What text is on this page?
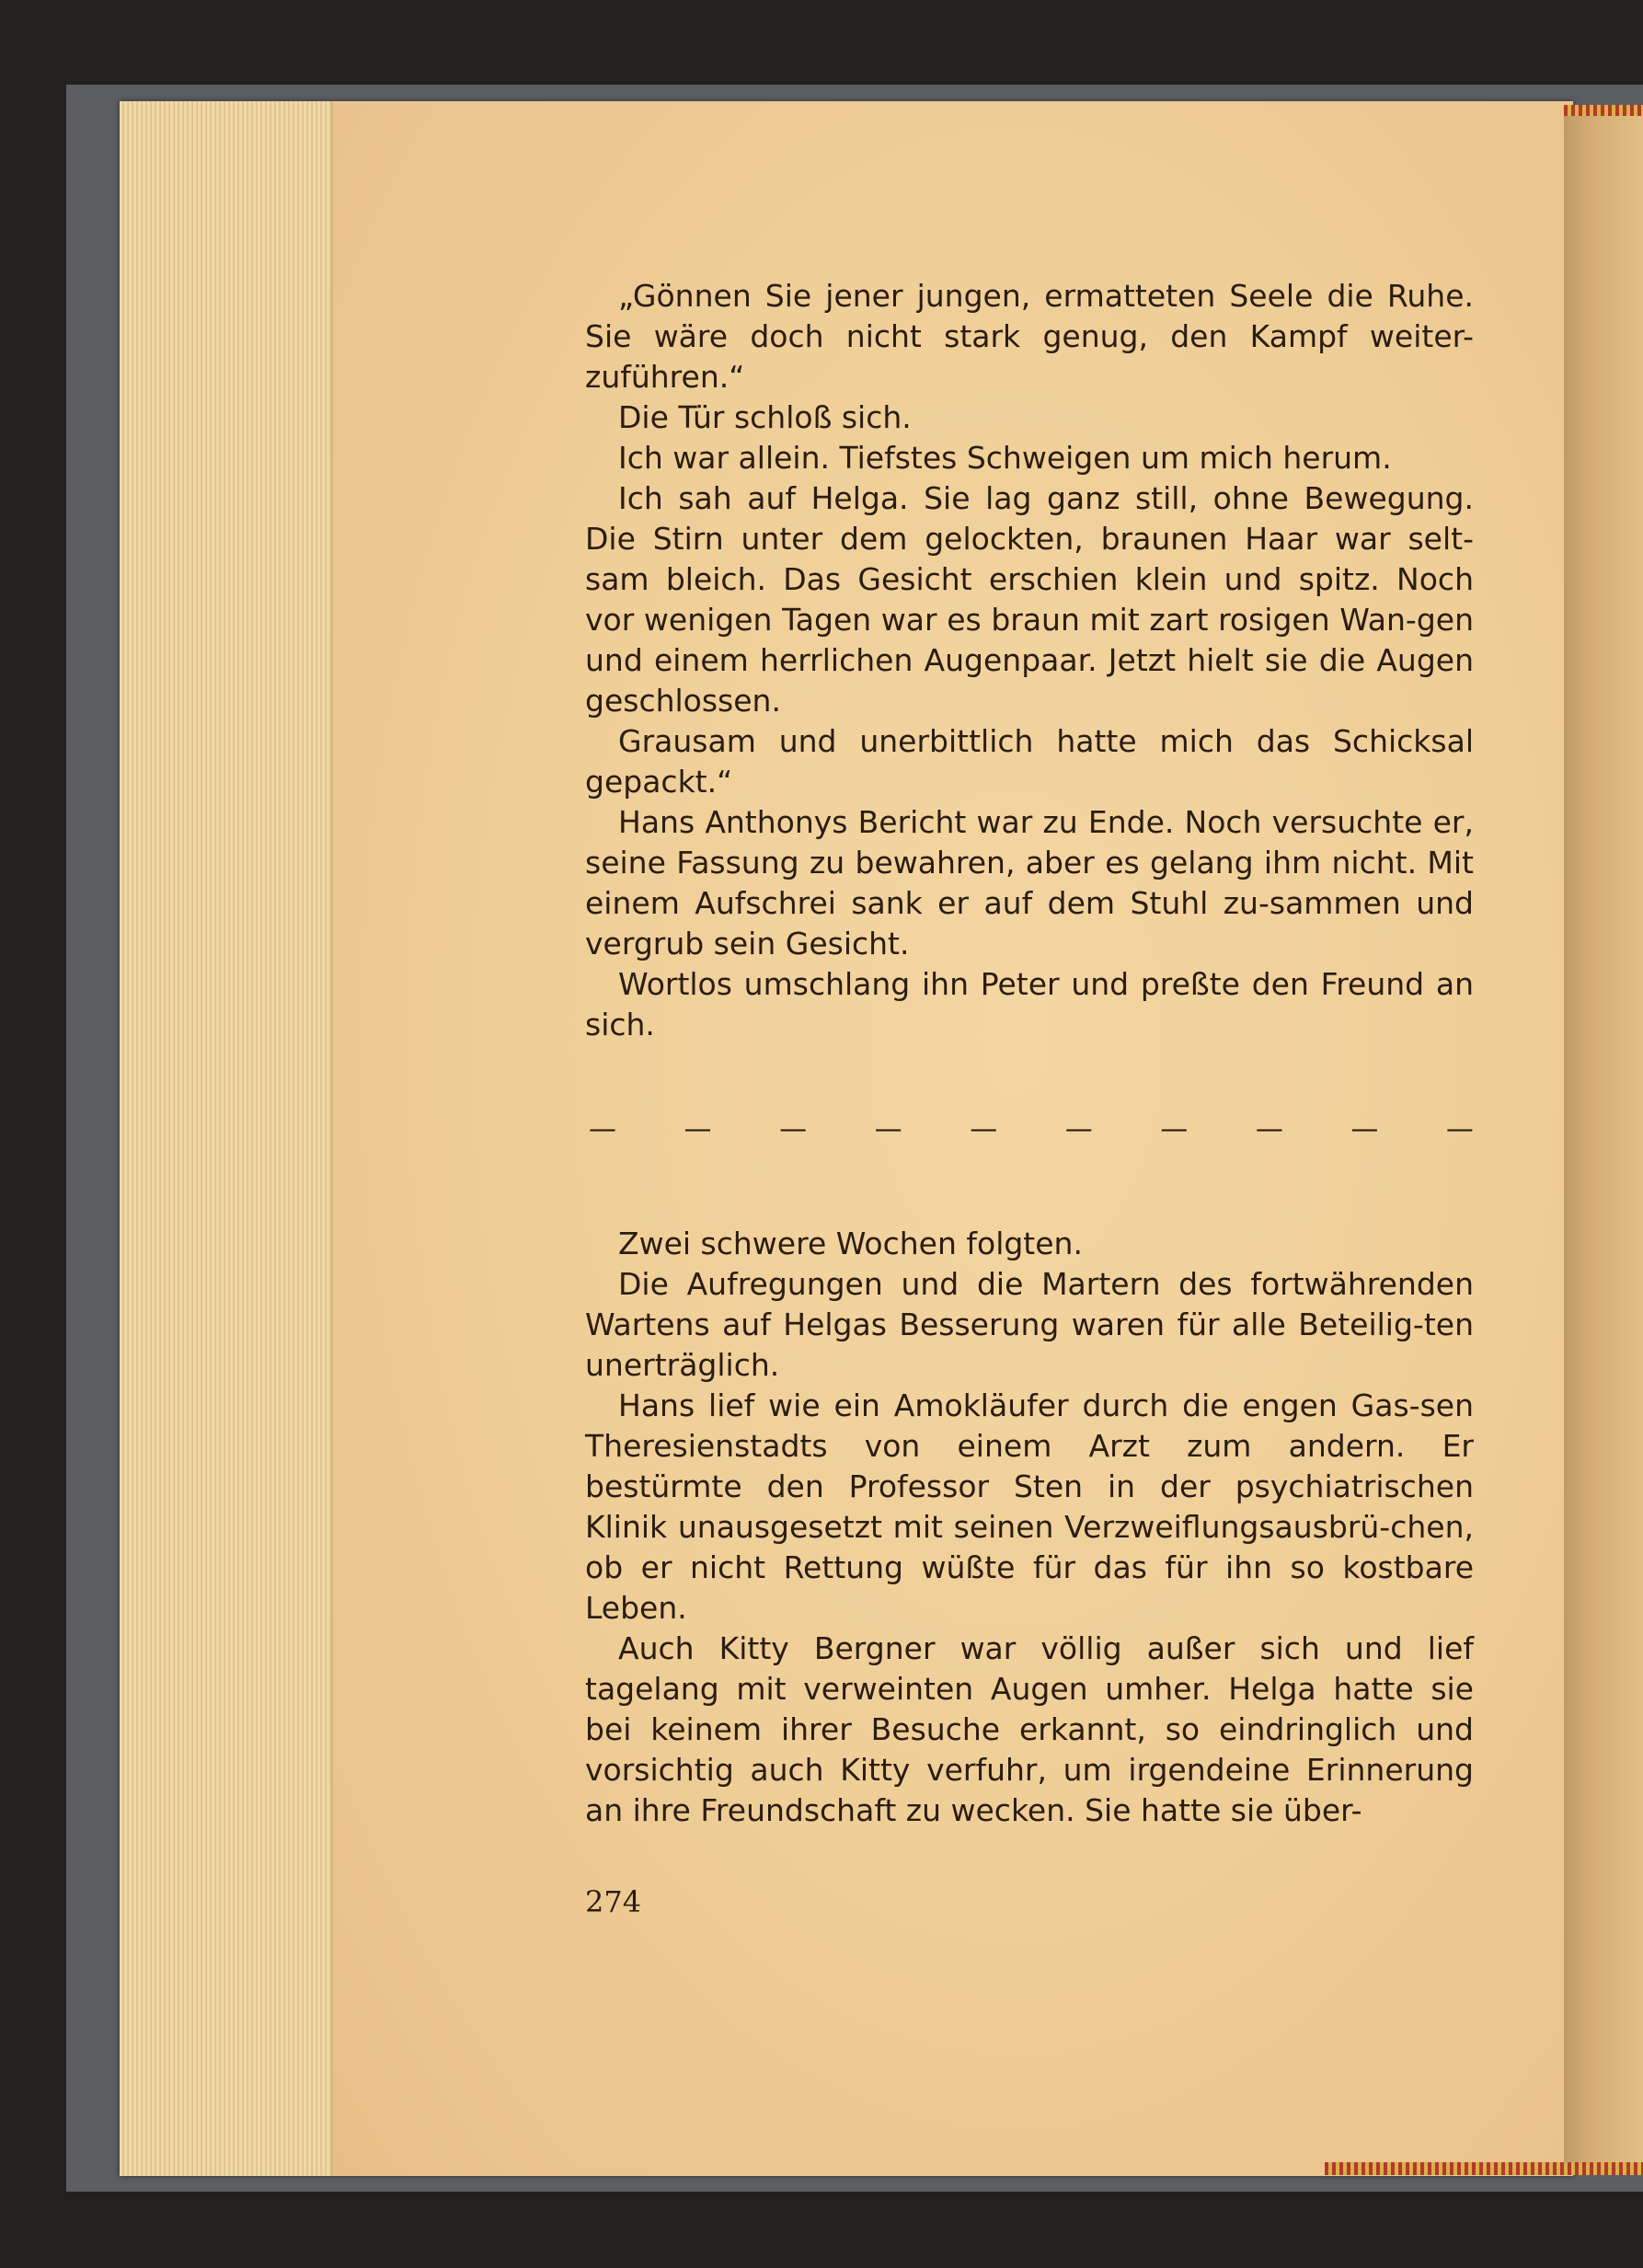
„Gönnen Sie jener jungen, ermatteten Seele die Ruhe. Sie wäre doch nicht stark genug, den Kampf weiter-zuführen.“

Die Tür schloß sich.

Ich war allein. Tiefstes Schweigen um mich herum.

Ich sah auf Helga. Sie lag ganz still, ohne Bewegung. Die Stirn unter dem gelockten, braunen Haar war selt-sam bleich. Das Gesicht erschien klein und spitz. Noch vor wenigen Tagen war es braun mit zart rosigen Wan-gen und einem herrlichen Augenpaar. Jetzt hielt sie die Augen geschlossen.

Grausam und unerbittlich hatte mich das Schicksal gepackt.“

Hans Anthonys Bericht war zu Ende. Noch versuchte er, seine Fassung zu bewahren, aber es gelang ihm nicht. Mit einem Aufschrei sank er auf dem Stuhl zu-sammen und vergrub sein Gesicht.

Wortlos umschlang ihn Peter und preßte den Freund an sich.

— — — — — — — — — —

Zwei schwere Wochen folgten.

Die Aufregungen und die Martern des fortwährenden Wartens auf Helgas Besserung waren für alle Beteilig-ten unerträglich.

Hans lief wie ein Amokläufer durch die engen Gas-sen Theresienstadts von einem Arzt zum andern. Er bestürmte den Professor Sten in der psychiatrischen Klinik unausgesetzt mit seinen Verzweiflungsausbrü-chen, ob er nicht Rettung wüßte für das für ihn so kostbare Leben.

Auch Kitty Bergner war völlig außer sich und lief tagelang mit verweinten Augen umher. Helga hatte sie bei keinem ihrer Besuche erkannt, so eindringlich und vorsichtig auch Kitty verfuhr, um irgendeine Erinnerung an ihre Freundschaft zu wecken. Sie hatte sie über-

274
